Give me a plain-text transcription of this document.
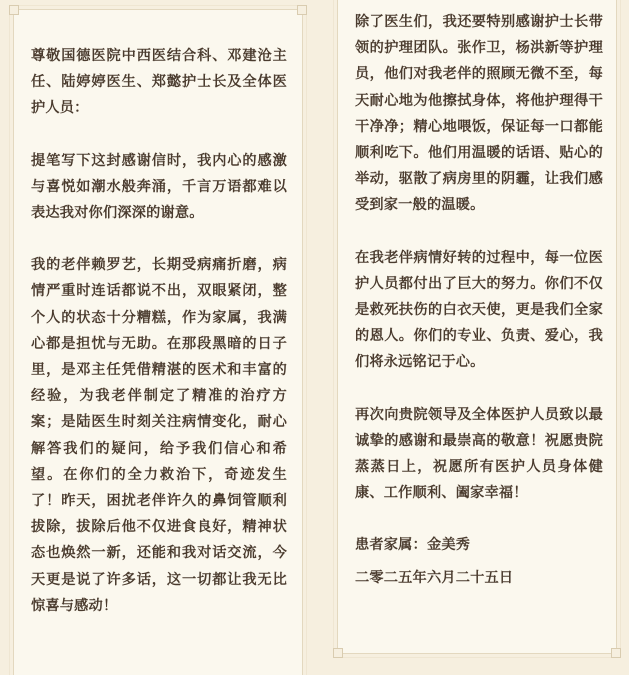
尊敬国德医院中西医结合科、邓建沧主任、陆婷婷医生、郑懿护士长及全体医护人员：

提笔写下这封感谢信时，我内心的感激与喜悦如潮水般奔涌，千言万语都难以表达我对你们深深的谢意。

我的老伴赖罗艺，长期受病痛折磨，病情严重时连话都说不出，双眼紧闭，整个人的状态十分糟糕，作为家属，我满心都是担忧与无助。在那段黑暗的日子里，是邓主任凭借精湛的医术和丰富的经验，为我老伴制定了精准的治疗方案；是陆医生时刻关注病情变化，耐心解答我们的疑问，给予我们信心和希望。在你们的全力救治下，奇迹发生了！昨天，困扰老伴许久的鼻饲管顺利拔除，拔除后他不仅进食良好，精神状态也焕然一新，还能和我对话交流，今天更是说了许多话，这一切都让我无比惊喜与感动！

除了医生们，我还要特别感谢护士长带领的护理团队。张作卫，杨洪新等护理员，他们对我老伴的照顾无微不至，每天耐心地为他擦拭身体，将他护理得干干净净；精心地喂饭，保证每一口都能顺利吃下。他们用温暖的话语、贴心的举动，驱散了病房里的阴霾，让我们感受到家一般的温暖。

在我老伴病情好转的过程中，每一位医护人员都付出了巨大的努力。你们不仅是救死扶伤的白衣天使，更是我们全家的恩人。你们的专业、负责、爱心，我们将永远铭记于心。

再次向贵院领导及全体医护人员致以最诚挚的感谢和最崇高的敬意！祝愿贵院蒸蒸日上，祝愿所有医护人员身体健康、工作顺利、阖家幸福！

患者家属：金美秀

二零二五年六月二十五日
